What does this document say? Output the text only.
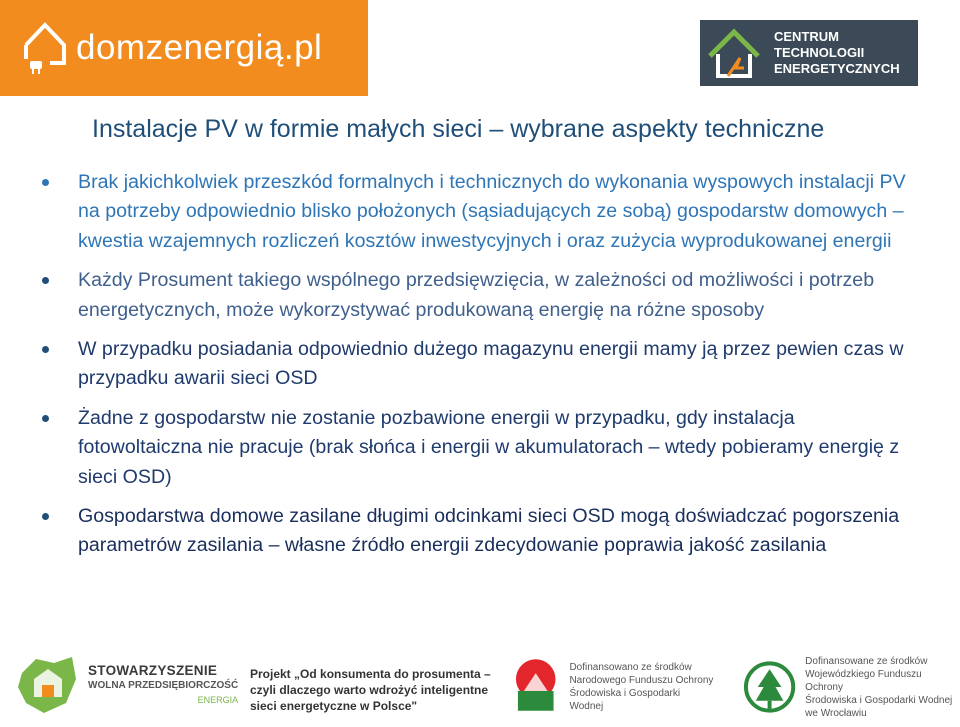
domzenergią.pl	CENTRUM
TECHNOLOGII
ENERGETYCZNYCH
Instalacje PV w formie małych sieci – wybrane aspekty techniczne
Brak jakichkolwiek przeszkód formalnych i technicznych do wykonania wyspowych instalacji PV na potrzeby odpowiednio blisko położonych (sąsiadujących ze sobą) gospodarstw domowych – kwestia wzajemnych rozliczeń kosztów inwestycyjnych i oraz zużycia wyprodukowanej energii
Każdy Prosument takiego wspólnego przedsięwzięcia, w zależności od możliwości i potrzeb energetycznych, może wykorzystywać produkowaną energię na różne sposoby
W przypadku posiadania odpowiednio dużego magazynu energii mamy ją przez pewien czas w przypadku awarii sieci OSD
Żadne z gospodarstw nie zostanie pozbawione energii w przypadku, gdy instalacja fotowoltaiczna nie pracuje (brak słońca i energii w akumulatorach – wtedy pobieramy energię z sieci OSD)
Gospodarstwa domowe zasilane długimi odcinkami sieci OSD mogą doświadczać pogorszenia parametrów zasilania – własne źródło energii zdecydowanie poprawia jakość zasilania
STOWARZYSZENIE
WOLNA PRZEDSIĘBIORCZOŚĆ
ENERGIA
Projekt „Od konsumenta do prosumenta –
czyli dlaczego warto wdrożyć inteligentne
sieci energetyczne w Polsce"
Dofinansowano ze środków
Narodowego Funduszu Ochrony
Środowiska i Gospodarki Wodnej
Dofinansowane ze środków
Wojewódzkiego Funduszu Ochrony
Środowiska i Gospodarki Wodnej
we Wrocławiu
